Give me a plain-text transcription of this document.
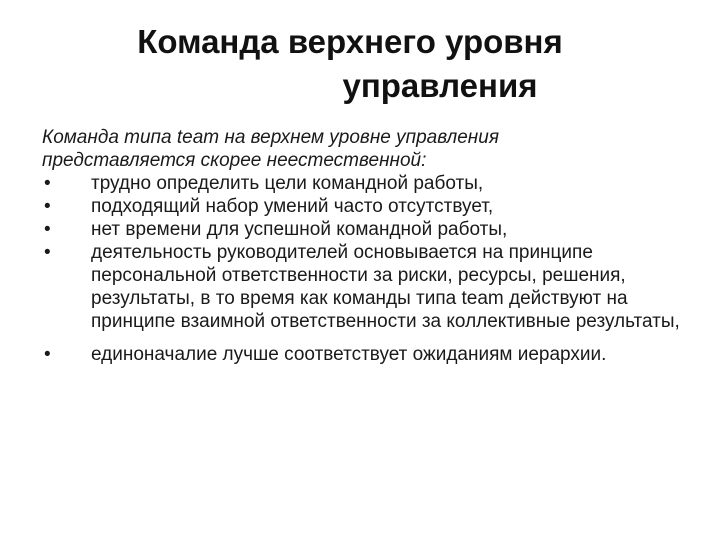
Команда верхнего уровня
управления

Команда типа team на верхнем уровне управления
представляется скорее неестественной:

• трудно определить цели командной работы,
• подходящий набор умений часто отсутствует,
• нет времени для успешной командной работы,
• деятельность руководителей основывается на принципе персональной ответственности за риски, ресурсы, решения, результаты, в то время как команды типа team действуют на принципе взаимной ответственности за коллективные результаты,
• единоначалие лучше соответствует ожиданиям иерархии.
